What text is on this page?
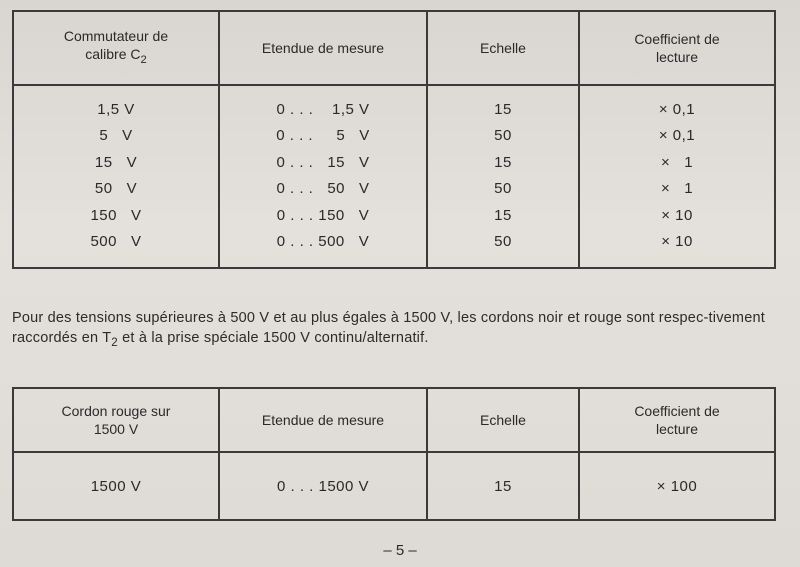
Commutateur de calibre $C_2$	Etendue de mesure	Echelle	Coefficient de lecture
1,5 V	0 . . .    1,5 V	15	× 0,1
5   V	0 . . .     5   V	50	× 0,1
15   V	0 . . .   15   V	15	×   1
50   V	0 . . .   50   V	50	×   1
150   V	0 . . . 150   V	15	× 10
500   V	0 . . . 500   V	50	× 10

Pour des tensions supérieures à 500 V et au plus égales à 1500 V, les cordons noir et rouge sont respec-tivement raccordés en $T_2$ et à la prise spéciale 1500 V continu/alternatif.

Cordon rouge sur 1500 V	Etendue de mesure	Echelle	Coefficient de lecture
1500 V	0 . . . 1500 V	15	× 100
– 5 –
